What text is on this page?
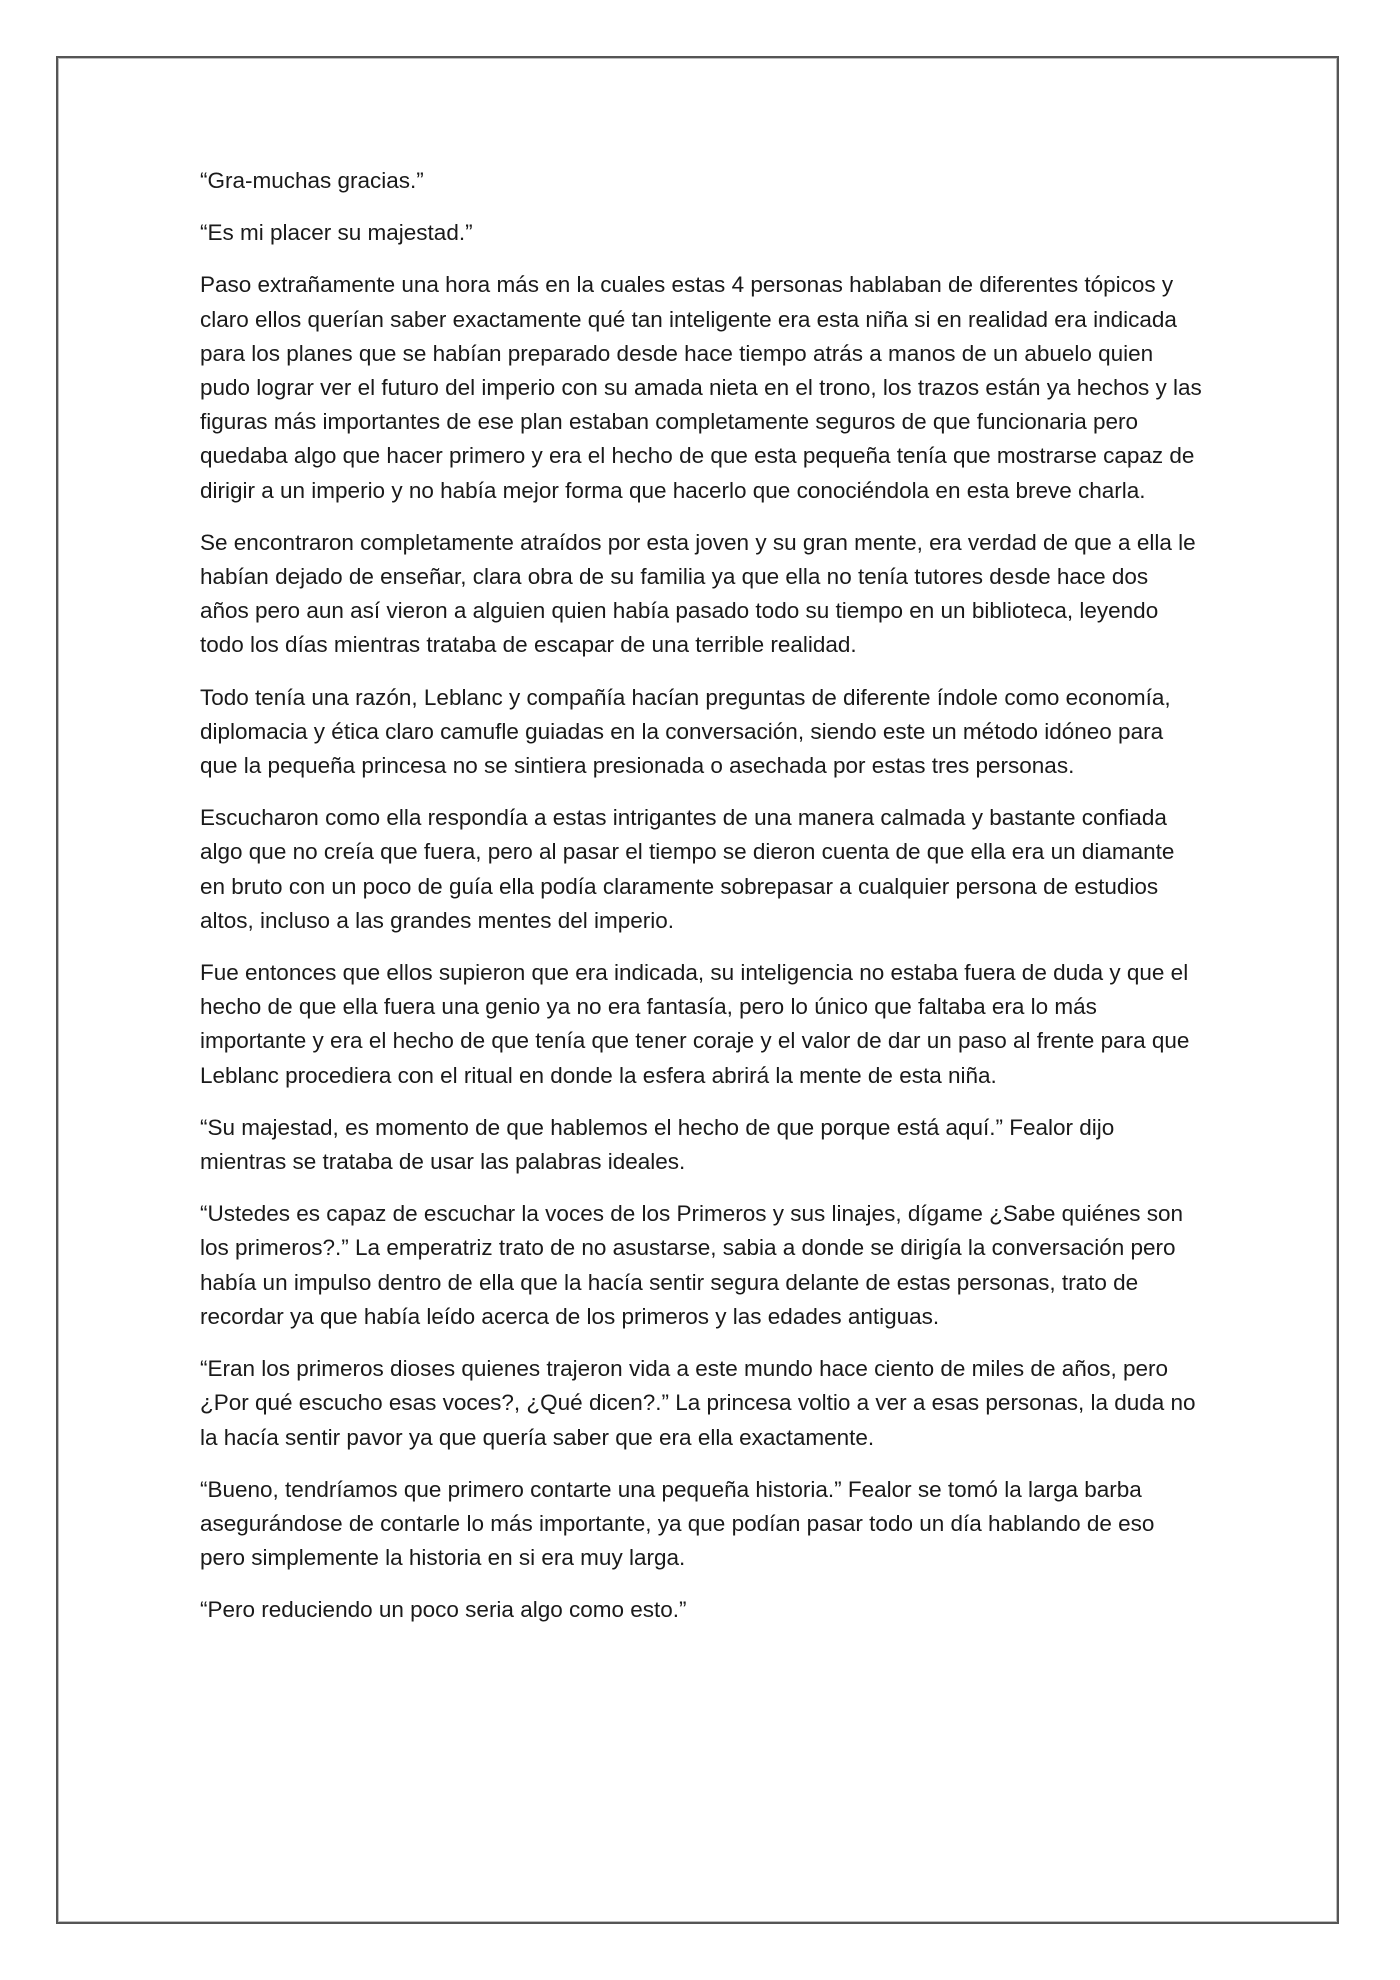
“Gra-muchas gracias.”

“Es mi placer su majestad.”

Paso extrañamente una hora más en la cuales estas 4 personas hablaban de diferentes tópicos y claro ellos querían saber exactamente qué tan inteligente era esta niña si en realidad era indicada para los planes que se habían preparado desde hace tiempo atrás a manos de un abuelo quien pudo lograr ver el futuro del imperio con su amada nieta en el trono, los trazos están ya hechos y las figuras más importantes de ese plan estaban completamente seguros de que funcionaria pero quedaba algo que hacer primero y era el hecho de que esta pequeña tenía que mostrarse capaz de dirigir a un imperio y no había mejor forma que hacerlo que conociéndola en esta breve charla.

Se encontraron completamente atraídos por esta joven y su gran mente, era verdad de que a ella le habían dejado de enseñar, clara obra de su familia ya que ella no tenía tutores desde hace dos años pero aun así vieron a alguien quien había pasado todo su tiempo en un biblioteca, leyendo todo los días mientras trataba de escapar de una terrible realidad.

Todo tenía una razón, Leblanc y compañía hacían preguntas de diferente índole como economía, diplomacia y ética claro camufle guiadas en la conversación, siendo este un método idóneo para que la pequeña princesa no se sintiera presionada o asechada por estas tres personas.

Escucharon como ella respondía a estas intrigantes de una manera calmada y bastante confiada algo que no creía que fuera, pero al pasar el tiempo se dieron cuenta de que ella era un diamante en bruto con un poco de guía ella podía claramente sobrepasar a cualquier persona de estudios altos, incluso a las grandes mentes del imperio.

Fue entonces que ellos supieron que era indicada, su inteligencia no estaba fuera de duda y que el hecho de que ella fuera una genio ya no era fantasía, pero lo único que faltaba era lo más importante y era el hecho de que tenía que tener coraje y el valor de dar un paso al frente para que Leblanc procediera con el ritual en donde la esfera abrirá la mente de esta niña.

“Su majestad, es momento de que hablemos el hecho de que porque está aquí.” Fealor dijo mientras se trataba de usar las palabras ideales.

“Ustedes es capaz de escuchar la voces de los Primeros y sus linajes, dígame ¿Sabe quiénes son los primeros?.” La emperatriz trato de no asustarse, sabia a donde se dirigía la conversación pero había un impulso dentro de ella que la hacía sentir segura delante de estas personas, trato de recordar ya que había leído acerca de los primeros y las edades antiguas.

“Eran los primeros dioses quienes trajeron vida a este mundo hace ciento de miles de años, pero ¿Por qué escucho esas voces?, ¿Qué dicen?.” La princesa voltio a ver a esas personas, la duda no la hacía sentir pavor ya que quería saber que era ella exactamente.

“Bueno, tendríamos que primero contarte una pequeña historia.” Fealor se tomó la larga barba asegurándose de contarle lo más importante, ya que podían pasar todo un día hablando de eso pero simplemente la historia en si era muy larga.

“Pero reduciendo un poco seria algo como esto.”
